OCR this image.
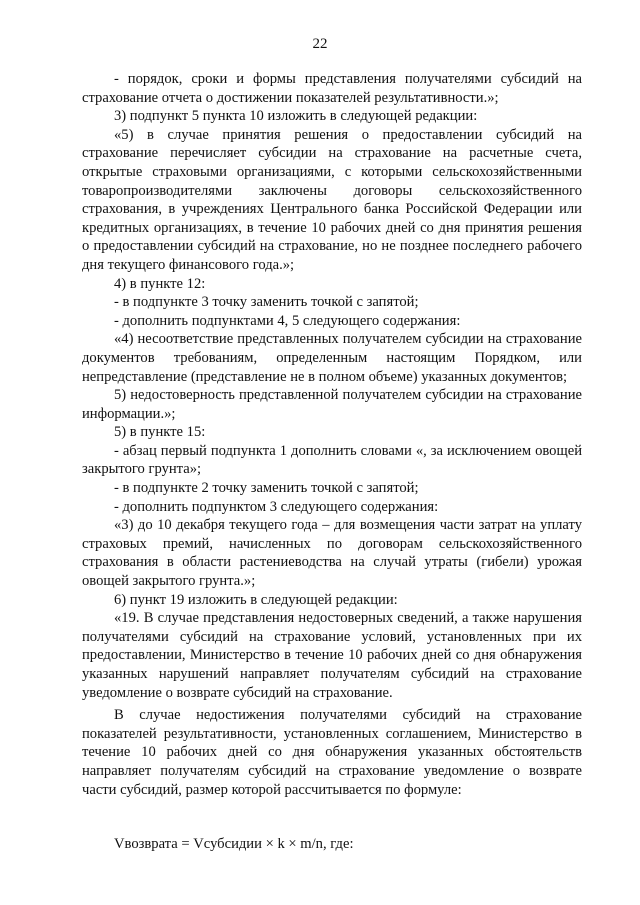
22

- порядок, сроки и формы представления получателями субсидий на страхование отчета о достижении показателей результативности.»;

3) подпункт 5 пункта 10 изложить в следующей редакции:

«5) в случае принятия решения о предоставлении субсидий на страхование перечисляет субсидии на страхование на расчетные счета, открытые страховыми организациями, с которыми сельскохозяйственными товаропроизводителями заключены договоры сельскохозяйственного страхования, в учреждениях Центрального банка Российской Федерации или кредитных организациях, в течение 10 рабочих дней со дня принятия решения о предоставлении субсидий на страхование, но не позднее последнего рабочего дня текущего финансового года.»;

4) в пункте 12:

- в подпункте 3 точку заменить точкой с запятой;

- дополнить подпунктами 4, 5 следующего содержания:

«4) несоответствие представленных получателем субсидии на страхование документов требованиям, определенным настоящим Порядком, или непредставление (представление не в полном объеме) указанных документов;

5) недостоверность представленной получателем субсидии на страхование информации.»;

5) в пункте 15:

- абзац первый подпункта 1 дополнить словами «, за исключением овощей закрытого грунта»;

- в подпункте 2 точку заменить точкой с запятой;

- дополнить подпунктом 3 следующего содержания:

«3) до 10 декабря текущего года – для возмещения части затрат на уплату страховых премий, начисленных по договорам сельскохозяйственного страхования в области растениеводства на случай утраты (гибели) урожая овощей закрытого грунта.»;

6) пункт 19 изложить в следующей редакции:

«19. В случае представления недостоверных сведений, а также нарушения получателями субсидий на страхование условий, установленных при их предоставлении, Министерство в течение 10 рабочих дней со дня обнаружения указанных нарушений направляет получателям субсидий на страхование уведомление о возврате субсидий на страхование.

В случае недостижения получателями субсидий на страхование показателей результативности, установленных соглашением, Министерство в течение 10 рабочих дней со дня обнаружения указанных обстоятельств направляет получателям субсидий на страхование уведомление о возврате части субсидий, размер которой рассчитывается по формуле:

Vвозврата = Vсубсидии × k × m/n, где:
